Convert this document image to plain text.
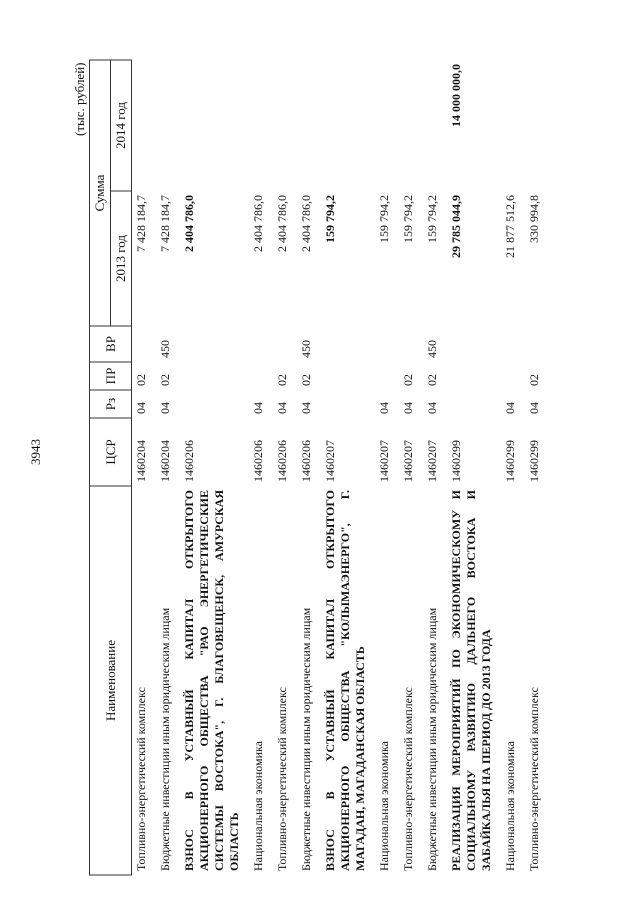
3943
(тыс. рублей)
Наименование	ЦСР	Рз	ПР	ВР	Сумма	
					2013 год	2014 год
Топливно-энергетический комплекс	1460204	04	02		7 428 184,7	
Бюджетные инвестиции иным юридическим лицам	1460204	04	02	450	7 428 184,7	
ВЗНОС В УСТАВНЫЙ КАПИТАЛ ОТКРЫТОГО АКЦИОНЕРНОГО ОБЩЕСТВА "РАО ЭНЕРГЕТИЧЕСКИЕ СИСТЕМЫ ВОСТОКА", Г. БЛАГОВЕЩЕНСК, АМУРСКАЯ ОБЛАСТЬ	1460206				2 404 786,0	
Национальная экономика	1460206	04			2 404 786,0	
Топливно-энергетический комплекс	1460206	04	02		2 404 786,0	
Бюджетные инвестиции иным юридическим лицам	1460206	04	02	450	2 404 786,0	
ВЗНОС В УСТАВНЫЙ КАПИТАЛ ОТКРЫТОГО АКЦИОНЕРНОГО ОБЩЕСТВА "КОЛЫМАЭНЕРГО", Г. МАГАДАН, МАГАДАНСКАЯ ОБЛАСТЬ	1460207				159 794,2	
Национальная экономика	1460207	04			159 794,2	
Топливно-энергетический комплекс	1460207	04	02		159 794,2	
Бюджетные инвестиции иным юридическим лицам	1460207	04	02	450	159 794,2	
РЕАЛИЗАЦИЯ МЕРОПРИЯТИЙ ПО ЭКОНОМИЧЕСКОМУ И СОЦИАЛЬНОМУ РАЗВИТИЮ ДАЛЬНЕГО ВОСТОКА И ЗАБАЙКАЛЬЯ НА ПЕРИОД ДО 2013 ГОДА	1460299				29 785 044,9	14 000 000,0
Национальная экономика	1460299	04			21 877 512,6	
Топливно-энергетический комплекс	1460299	04	02		330 994,8	
